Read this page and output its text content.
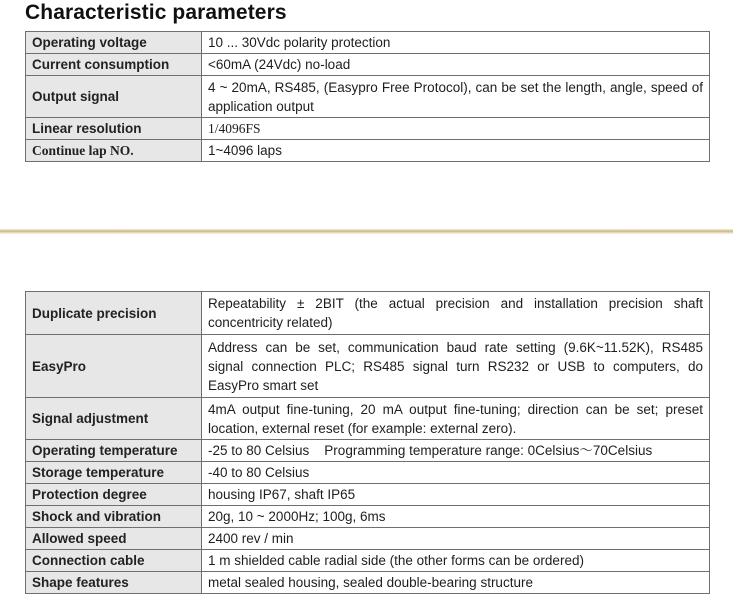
Characteristic parameters
Operating voltage	10 ... 30Vdc polarity protection
Current consumption	<60mA (24Vdc) no-load
Output signal	4 ~ 20mA, RS485, (Easypro Free Protocol), can be set the length, angle, speed of application output
Linear resolution	1/4096FS
Continue lap NO.	1~4096 laps
Duplicate precision	Repeatability ± 2BIT (the actual precision and installation precision shaft concentricity related)
EasyPro	Address can be set, communication baud rate setting (9.6K~11.52K), RS485 signal connection PLC; RS485 signal turn RS232 or USB to computers, do EasyPro smart set
Signal adjustment	4mA output fine-tuning, 20 mA output fine-tuning; direction can be set; preset location, external reset (for example: external zero).
Operating temperature	-25 to 80 Celsius    Programming temperature range: 0Celsius〜70Celsius
Storage temperature	-40 to 80 Celsius
Protection degree	housing IP67, shaft IP65
Shock and vibration	20g, 10 ~ 2000Hz; 100g, 6ms
Allowed speed	2400 rev / min
Connection cable	1 m shielded cable radial side (the other forms can be ordered)
Shape features	metal sealed housing, sealed double-bearing structure
